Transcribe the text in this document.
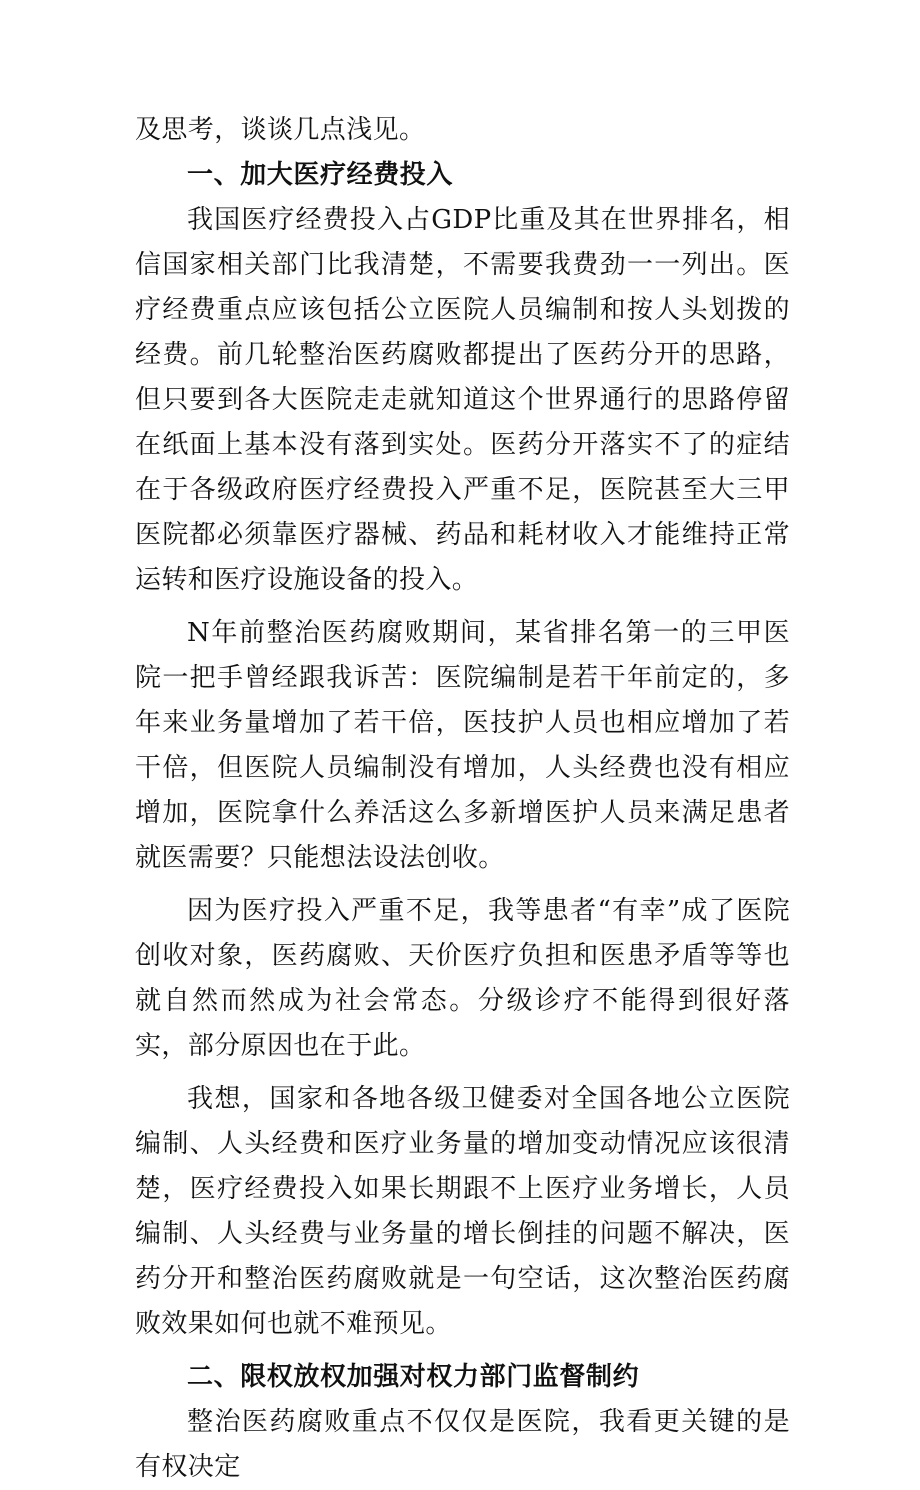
及思考，谈谈几点浅见。

一、加大医疗经费投入

我国医疗经费投入占GDP比重及其在世界排名，相信国家相关部门比我清楚，不需要我费劲一一列出。医疗经费重点应该包括公立医院人员编制和按人头划拨的经费。前几轮整治医药腐败都提出了医药分开的思路，但只要到各大医院走走就知道这个世界通行的思路停留在纸面上基本没有落到实处。医药分开落实不了的症结在于各级政府医疗经费投入严重不足，医院甚至大三甲医院都必须靠医疗器械、药品和耗材收入才能维持正常运转和医疗设施设备的投入。

N年前整治医药腐败期间，某省排名第一的三甲医院一把手曾经跟我诉苦：医院编制是若干年前定的，多年来业务量增加了若干倍，医技护人员也相应增加了若干倍，但医院人员编制没有增加，人头经费也没有相应增加，医院拿什么养活这么多新增医护人员来满足患者就医需要？只能想法设法创收。

因为医疗投入严重不足，我等患者“有幸”成了医院创收对象，医药腐败、天价医疗负担和医患矛盾等等也就自然而然成为社会常态。分级诊疗不能得到很好落实，部分原因也在于此。

我想，国家和各地各级卫健委对全国各地公立医院编制、人头经费和医疗业务量的增加变动情况应该很清楚，医疗经费投入如果长期跟不上医疗业务增长，人员编制、人头经费与业务量的增长倒挂的问题不解决，医药分开和整治医药腐败就是一句空话，这次整治医药腐败效果如何也就不难预见。

二、限权放权加强对权力部门监督制约

整治医药腐败重点不仅仅是医院，我看更关键的是有权决定
